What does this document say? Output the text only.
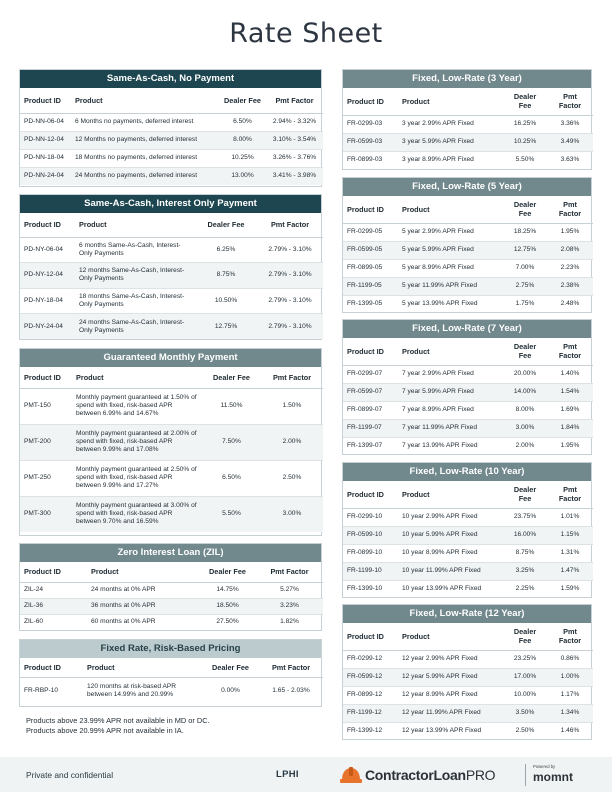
Rate Sheet
Same-As-Cash, No Payment
Product ID	Product	Dealer Fee	Pmt Factor
PD-NN-06-04	6 Months no payments, deferred interest	6.50%	2.94% - 3.32%
PD-NN-12-04	12 Months no payments, deferred interest	8.00%	3.10% - 3.54%
PD-NN-18-04	18 Months no payments, deferred interest	10.25%	3.26% - 3.76%
PD-NN-24-04	24 Months no payments, deferred interest	13.00%	3.41% - 3.98%
Same-As-Cash, Interest Only Payment
Product ID	Product	Dealer Fee	Pmt Factor
PD-NY-06-04	6 months Same-As-Cash, Interest-Only Payments	6.25%	2.79% - 3.10%
PD-NY-12-04	12 months Same-As-Cash, Interest-Only Payments	8.75%	2.79% - 3.10%
PD-NY-18-04	18 months Same-As-Cash, Interest-Only Payments	10.50%	2.79% - 3.10%
PD-NY-24-04	24 months Same-As-Cash, Interest-Only Payments	12.75%	2.79% - 3.10%
Guaranteed Monthly Payment
Product ID	Product	Dealer Fee	Pmt Factor
PMT-150	Monthly payment guaranteed at 1.50% of spend with fixed, risk-based APR between 6.99% and 14.67%	11.50%	1.50%
PMT-200	Monthly payment guaranteed at 2.00% of spend with fixed, risk-based APR between 9.99% and 17.08%	7.50%	2.00%
PMT-250	Monthly payment guaranteed at 2.50% of spend with fixed, risk-based APR between 9.99% and 17.27%	6.50%	2.50%
PMT-300	Monthly payment guaranteed at 3.00% of spend with fixed, risk-based APR between 9.70% and 16.59%	5.50%	3.00%
Zero Interest Loan (ZIL)
Product ID	Product	Dealer Fee	Pmt Factor
ZIL-24	24 months at 0% APR	14.75%	5.27%
ZIL-36	36 months at 0% APR	18.50%	3.23%
ZIL-60	60 months at 0% APR	27.50%	1.82%
Fixed Rate, Risk-Based Pricing
Product ID	Product	Dealer Fee	Pmt Factor
FR-RBP-10	120 months at risk-based APR between 14.99% and 20.99%	0.00%	1.65 - 2.03%
Products above 23.99% APR not available in MD or DC.
Products above 20.99% APR not available in IA.
Fixed, Low-Rate (3 Year)
Product ID	Product	Dealer Fee	Pmt Factor
FR-0299-03	3 year 2.99% APR Fixed	16.25%	3.36%
FR-0599-03	3 year 5.99% APR Fixed	10.25%	3.49%
FR-0899-03	3 year 8.99% APR Fixed	5.50%	3.63%
Fixed, Low-Rate (5 Year)
Product ID	Product	Dealer Fee	Pmt Factor
FR-0299-05	5 year 2.99% APR Fixed	18.25%	1.95%
FR-0599-05	5 year 5.99% APR Fixed	12.75%	2.08%
FR-0899-05	5 year 8.99% APR Fixed	7.00%	2.23%
FR-1199-05	5 year 11.99% APR Fixed	2.75%	2.38%
FR-1399-05	5 year 13.99% APR Fixed	1.75%	2.48%
Fixed, Low-Rate (7 Year)
Product ID	Product	Dealer Fee	Pmt Factor
FR-0299-07	7 year 2.99% APR Fixed	20.00%	1.40%
FR-0599-07	7 year 5.99% APR Fixed	14.00%	1.54%
FR-0899-07	7 year 8.99% APR Fixed	8.00%	1.69%
FR-1199-07	7 year 11.99% APR Fixed	3.00%	1.84%
FR-1399-07	7 year 13.99% APR Fixed	2.00%	1.95%
Fixed, Low-Rate (10 Year)
Product ID	Product	Dealer Fee	Pmt Factor
FR-0299-10	10 year 2.99% APR Fixed	23.75%	1.01%
FR-0599-10	10 year 5.99% APR Fixed	16.00%	1.15%
FR-0899-10	10 year 8.99% APR Fixed	8.75%	1.31%
FR-1199-10	10 year 11.99% APR Fixed	3.25%	1.47%
FR-1399-10	10 year 13.99% APR Fixed	2.25%	1.59%
Fixed, Low-Rate (12 Year)
Product ID	Product	Dealer Fee	Pmt Factor
FR-0299-12	12 year 2.99% APR Fixed	23.25%	0.86%
FR-0599-12	12 year 5.99% APR Fixed	17.00%	1.00%
FR-0899-12	12 year 8.99% APR Fixed	10.00%	1.17%
FR-1199-12	12 year 11.99% APR Fixed	3.50%	1.34%
FR-1399-12	12 year 13.99% APR Fixed	2.50%	1.46%
Private and confidential	LPHI	ContractorLoanPRO
Powered by
momnt
